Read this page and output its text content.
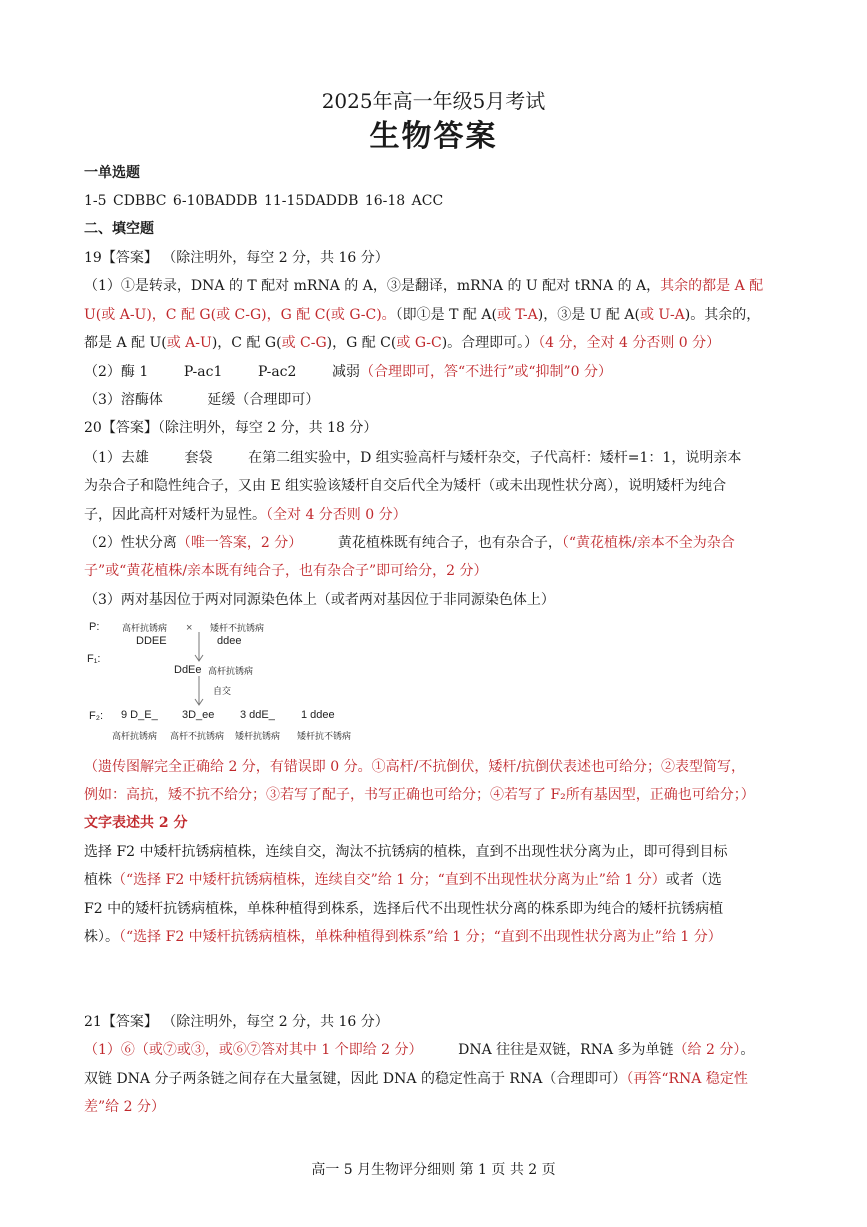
2025年高一年级5月考试
生物答案
一单选题
1-5 CDBBC 6-10BADDB 11-15DADDB 16-18 ACC
二、填空题
19【答案】 （除注明外，每空 2 分，共 16 分）
（1）①是转录，DNA 的 T 配对 mRNA 的 A，③是翻译，mRNA 的 U 配对 tRNA 的 A，其余的都是 A 配
U(或 A-U)，C 配 G(或 C-G)，G 配 C(或 G-C)。（即①是 T 配 A(或 T-A)，③是 U 配 A(或 U-A)。其余的，
都是 A 配 U(或 A-U)，C 配 G(或 C-G)，G 配 C(或 G-C)。合理即可。）（4 分，全对 4 分否则 0 分）
（2）酶 1        P-ac1        P-ac2        减弱（合理即可，答“不进行”或“抑制”0 分）
（3）溶酶体          延缓（合理即可）
20【答案】（除注明外，每空 2 分，共 18 分）
（1）去雄        套袋        在第二组实验中，D 组实验高杆与矮杆杂交，子代高杆：矮杆=1：1，说明亲本
为杂合子和隐性纯合子，又由 E 组实验该矮杆自交后代全为矮杆（或未出现性状分离），说明矮杆为纯合
子，因此高杆对矮杆为显性。（全对 4 分否则 0 分）
（2）性状分离（唯一答案，2 分）        黄花植株既有纯合子，也有杂合子，（“黄花植株/亲本不全为杂合
子”或“黄花植株/亲本既有纯合子，也有杂合子”即可给分，2 分）
（3）两对基因位于两对同源染色体上（或者两对基因位于非同源染色体上）
P:	高杆抗锈病
DDEE
× 矮杆不抗锈病
ddee
F₁:
DdEe 高杆抗锈病
自交
F₂: 9 D_E_ 3D_ee 3 ddE_ 1 ddee
高杆抗锈病 高杆不抗锈病 矮杆抗锈病 矮杆抗不锈病
（遗传图解完全正确给 2 分，有错误即 0 分。①高杆/不抗倒伏，矮杆/抗倒伏表述也可给分；②表型简写，
例如：高抗，矮不抗不给分；③若写了配子，书写正确也可给分；④若写了 F₂所有基因型，正确也可给分；）
文字表述共 2 分
选择 F2 中矮杆抗锈病植株，连续自交，淘汰不抗锈病的植株，直到不出现性状分离为止，即可得到目标
植株（“选择 F2 中矮杆抗锈病植株，连续自交”给 1 分；“直到不出现性状分离为止”给 1 分）或者（选
F2 中的矮杆抗锈病植株，单株种植得到株系，选择后代不出现性状分离的株系即为纯合的矮杆抗锈病植
株）。（“选择 F2 中矮杆抗锈病植株，单株种植得到株系”给 1 分；“直到不出现性状分离为止”给 1 分）
21【答案】 （除注明外，每空 2 分，共 16 分）
（1）⑥（或⑦或③，或⑥⑦答对其中 1 个即给 2 分）        DNA 往往是双链，RNA 多为单链（给 2 分）。
双链 DNA 分子两条链之间存在大量氢键，因此 DNA 的稳定性高于 RNA（合理即可）（再答“RNA 稳定性
差”给 2 分）
高一 5 月生物评分细则 第 1 页 共 2 页
